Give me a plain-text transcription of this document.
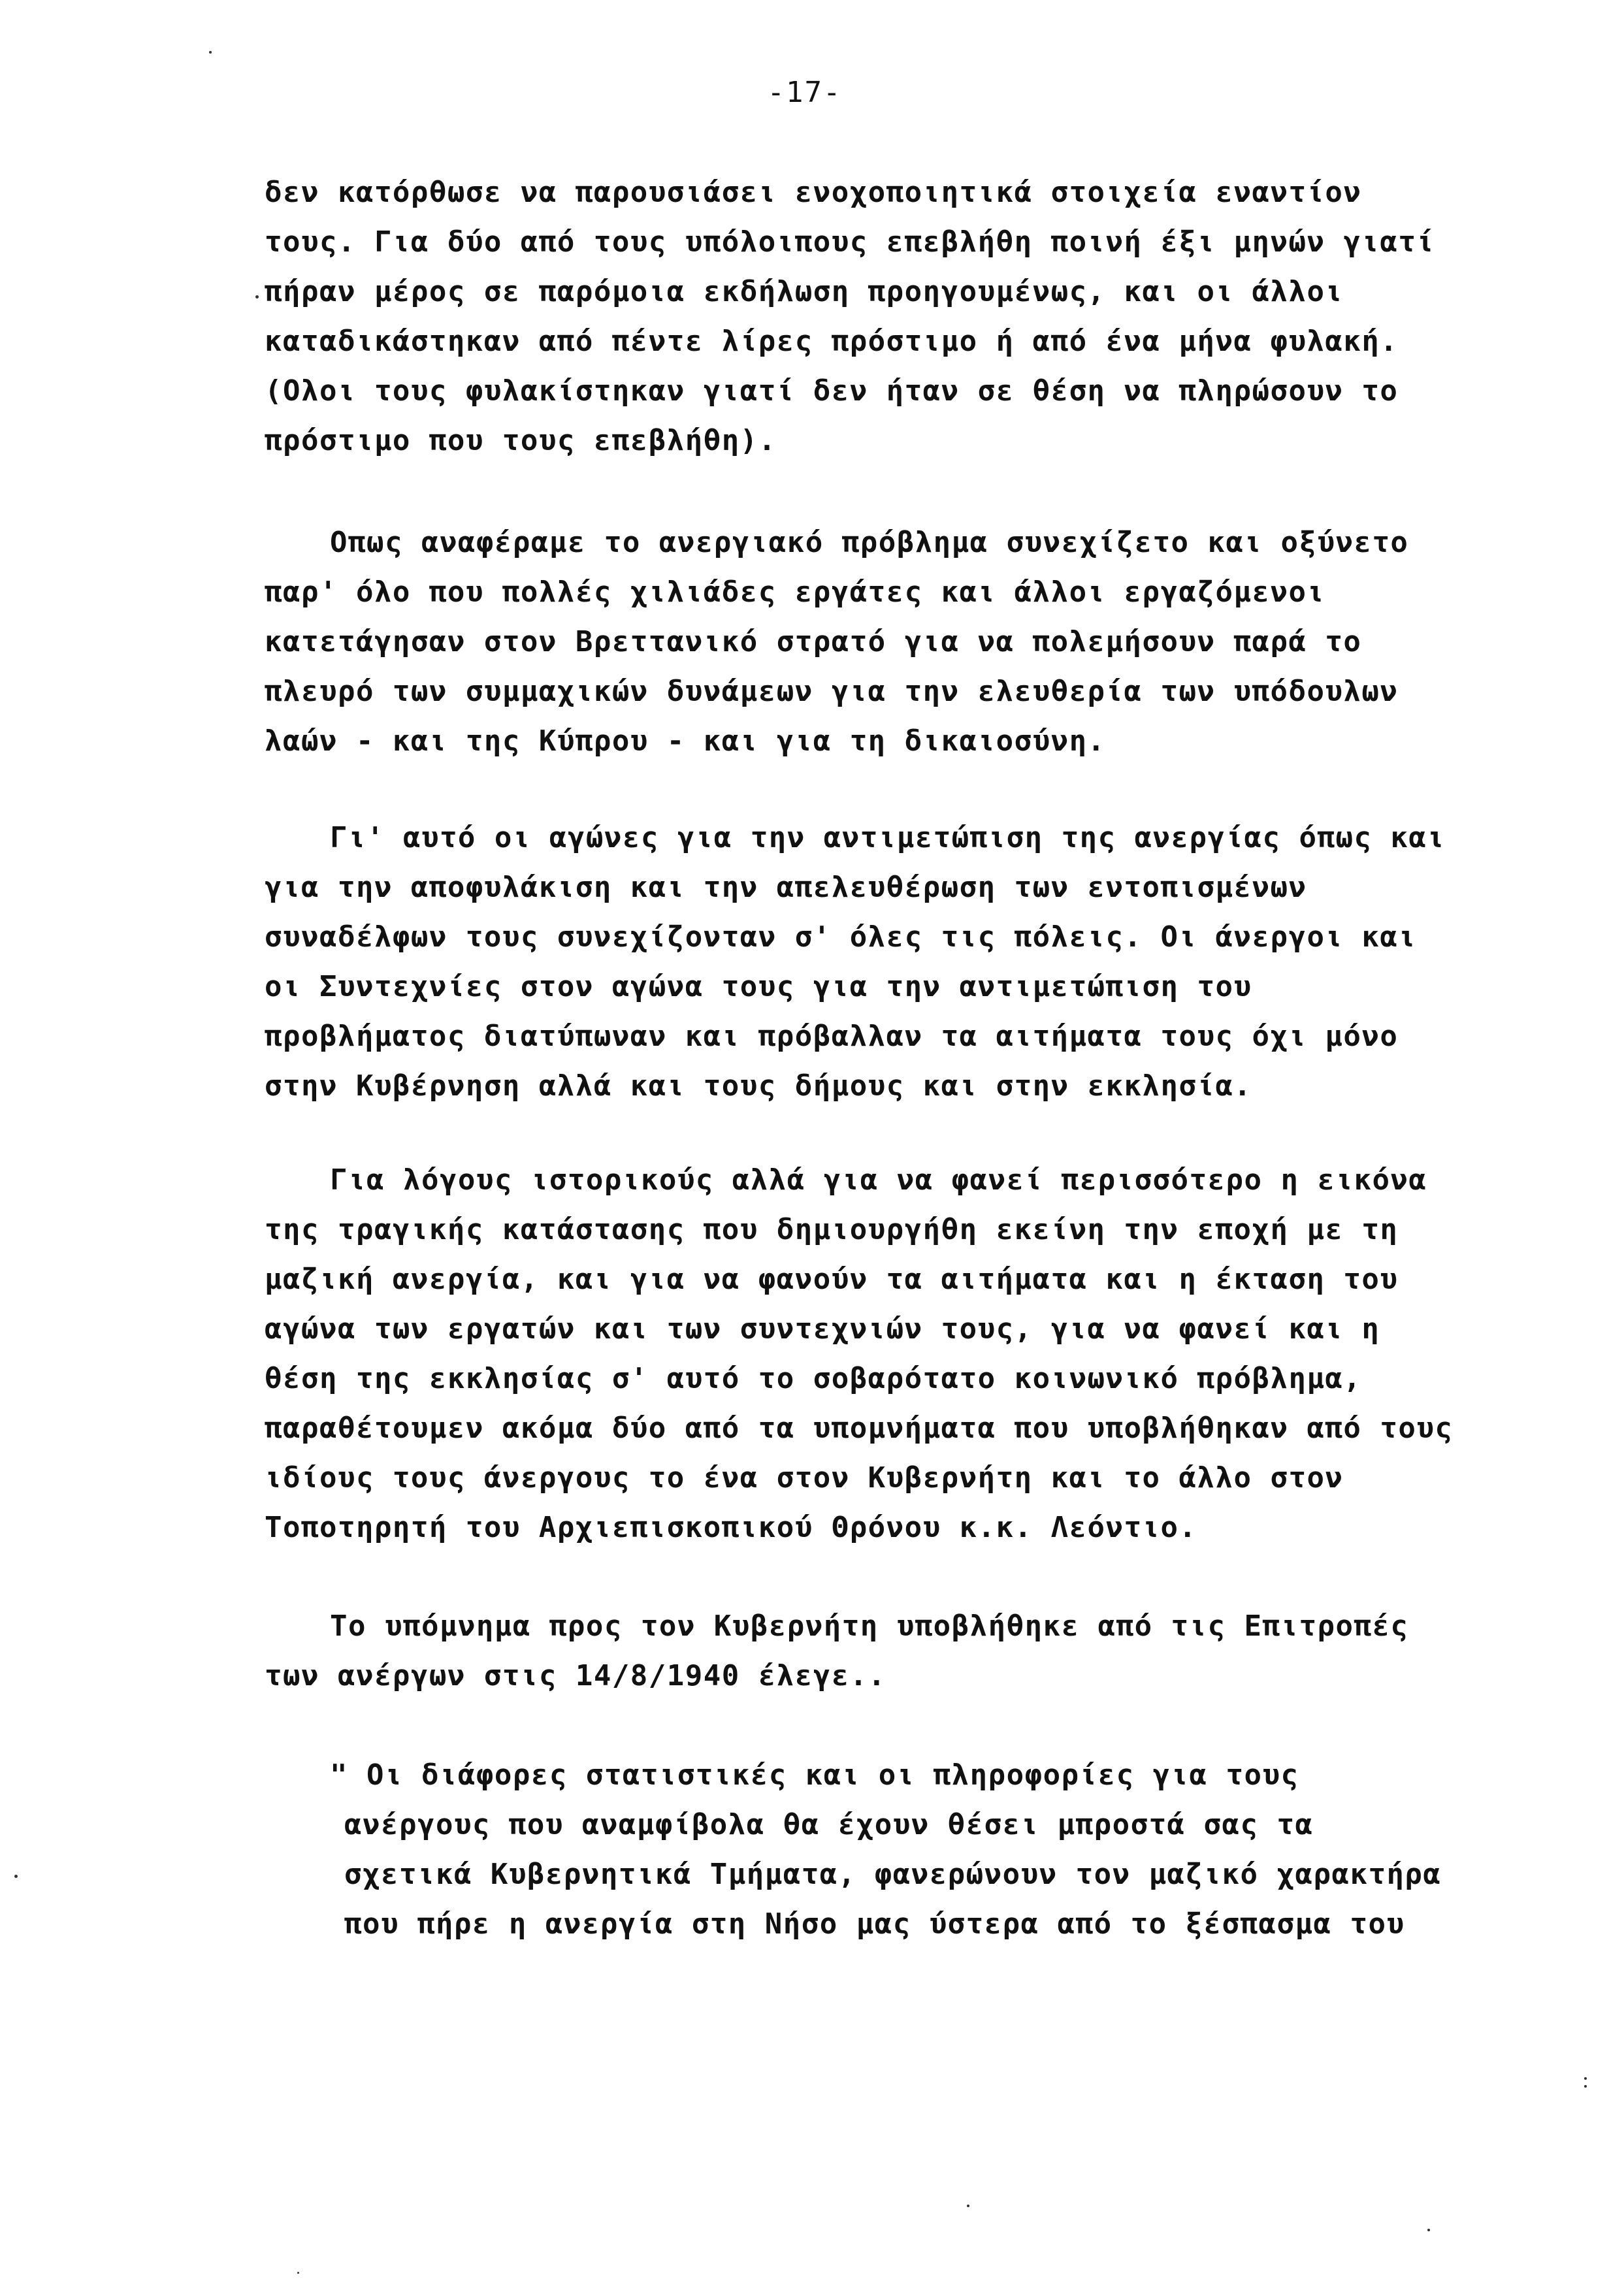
-17-
δεν κατόρθωσε να παρουσιάσει ενοχοποιητικά στοιχεία εναντίον
τους. Για δύο από τους υπόλοιπους επεβλήθη ποινή έξι μηνών γιατί
πήραν μέρος σε παρόμοια εκδήλωση προηγουμένως, και οι άλλοι
καταδικάστηκαν από πέντε λίρες πρόστιμο ή από ένα μήνα φυλακή.
(Ολοι τους φυλακίστηκαν γιατί δεν ήταν σε θέση να πληρώσουν το
πρόστιμο που τους επεβλήθη).
Οπως αναφέραμε το ανεργιακό πρόβλημα συνεχίζετο και οξύνετο
παρ' όλο που πολλές χιλιάδες εργάτες και άλλοι εργαζόμενοι
κατετάγησαν στον Βρεττανικό στρατό για να πολεμήσουν παρά το
πλευρό των συμμαχικών δυνάμεων για την ελευθερία των υπόδουλων
λαών - και της Κύπρου - και για τη δικαιοσύνη.
Γι' αυτό οι αγώνες για την αντιμετώπιση της ανεργίας όπως και
για την αποφυλάκιση και την απελευθέρωση των εντοπισμένων
συναδέλφων τους συνεχίζονταν σ' όλες τις πόλεις. Οι άνεργοι και
οι Συντεχνίες στον αγώνα τους για την αντιμετώπιση του
προβλήματος διατύπωναν και πρόβαλλαν τα αιτήματα τους όχι μόνο
στην Κυβέρνηση αλλά και τους δήμους και στην εκκλησία.
Για λόγους ιστορικούς αλλά για να φανεί περισσότερο η εικόνα
της τραγικής κατάστασης που δημιουργήθη εκείνη την εποχή με τη
μαζική ανεργία, και για να φανούν τα αιτήματα και η έκταση του
αγώνα των εργατών και των συντεχνιών τους, για να φανεί και η
θέση της εκκλησίας σ' αυτό το σοβαρότατο κοινωνικό πρόβλημα,
παραθέτουμεν ακόμα δύο από τα υπομνήματα που υποβλήθηκαν από τους
ιδίους τους άνεργους το ένα στον Κυβερνήτη και το άλλο στον
Τοποτηρητή του Αρχιεπισκοπικού Θρόνου κ.κ. Λεόντιο.
Το υπόμνημα προς τον Κυβερνήτη υποβλήθηκε από τις Επιτροπές
των ανέργων στις 14/8/1940 έλεγε..
" Οι διάφορες στατιστικές και οι πληροφορίες για τους
ανέργους που αναμφίβολα θα έχουν θέσει μπροστά σας τα
σχετικά Κυβερνητικά Τμήματα, φανερώνουν τον μαζικό χαρακτήρα
που πήρε η ανεργία στη Νήσο μας ύστερα από το ξέσπασμα του
